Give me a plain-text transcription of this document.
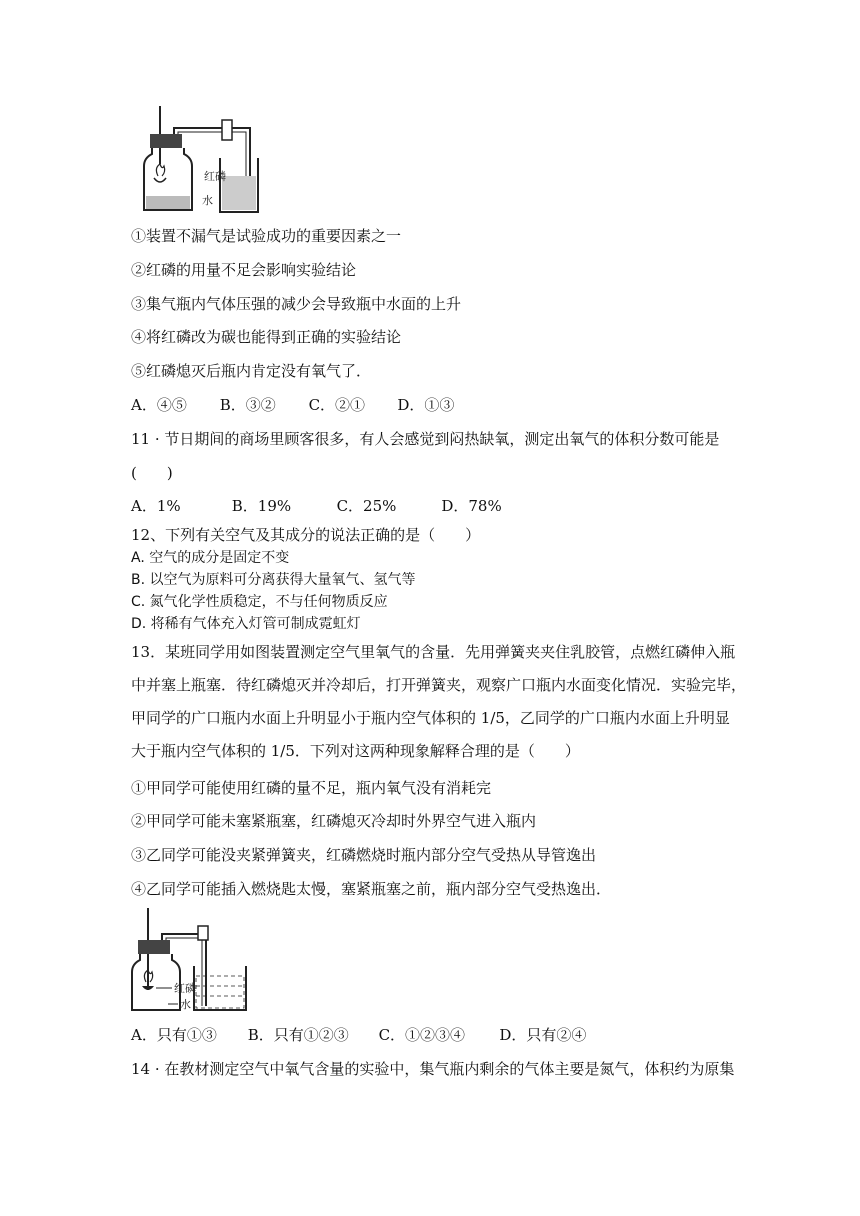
红磷
水
①装置不漏气是试验成功的重要因素之一
②红磷的用量不足会影响实验结论
③集气瓶内气体压强的减少会导致瓶中水面的上升
④将红磷改为碳也能得到正确的实验结论
⑤红磷熄灭后瓶内肯定没有氧气了．
A．④⑤ B．③② C．②① D．①③
11 · 节日期间的商场里顾客很多，有人会感觉到闷热缺氧，测定出氧气的体积分数可能是
(　　)
A．1%	B．19%	C．25%	D．78%
12、下列有关空气及其成分的说法正确的是（　　）
A. 空气的成分是固定不变
B. 以空气为原料可分离获得大量氧气、氢气等
C. 氮气化学性质稳定，不与任何物质反应
D. 将稀有气体充入灯管可制成霓虹灯
13．某班同学用如图装置测定空气里氧气的含量．先用弹簧夹夹住乳胶管，点燃红磷伸入瓶
中并塞上瓶塞．待红磷熄灭并冷却后，打开弹簧夹，观察广口瓶内水面变化情况．实验完毕，
甲同学的广口瓶内水面上升明显小于瓶内空气体积的 1/5，乙同学的广口瓶内水面上升明显
大于瓶内空气体积的 1/5．下列对这两种现象解释合理的是（　　）
①甲同学可能使用红磷的量不足，瓶内氧气没有消耗完
②甲同学可能未塞紧瓶塞，红磷熄灭冷却时外界空气进入瓶内
③乙同学可能没夹紧弹簧夹，红磷燃烧时瓶内部分空气受热从导管逸出
④乙同学可能插入燃烧匙太慢，塞紧瓶塞之前，瓶内部分空气受热逸出．
红磷
水
A．只有①③ B．只有①②③ C．①②③④ D．只有②④
14 · 在教材测定空气中氧气含量的实验中，集气瓶内剩余的气体主要是氮气，体积约为原集
